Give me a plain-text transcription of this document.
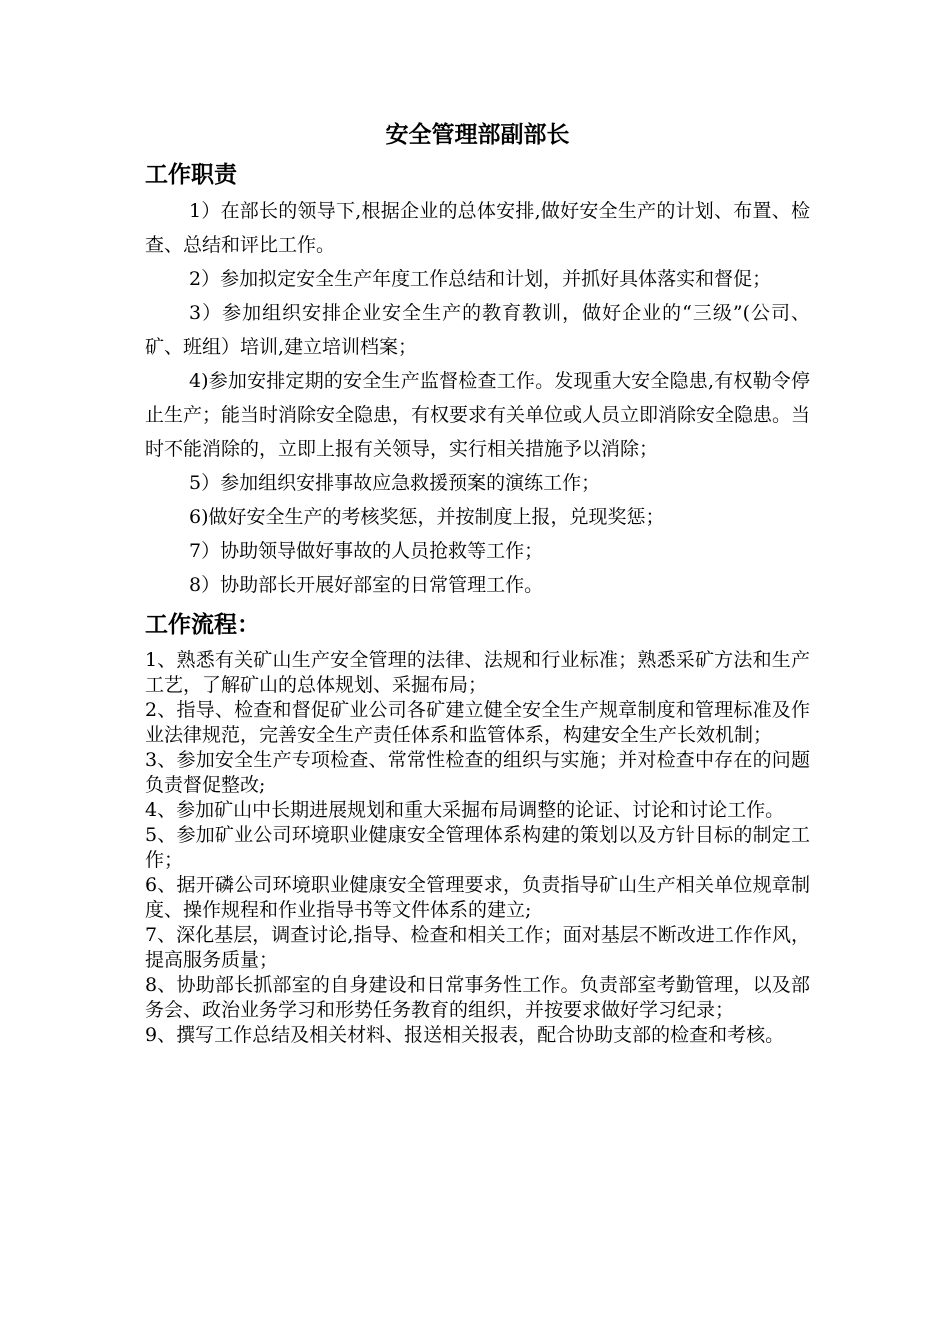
安全管理部副部长
工作职责

1）在部长的领导下,根据企业的总体安排,做好安全生产的计划、布置、检查、总结和评比工作。

2）参加拟定安全生产年度工作总结和计划，并抓好具体落实和督促；

3）参加组织安排企业安全生产的教育教训，做好企业的“三级”(公司、矿、班组）培训,建立培训档案；

4)参加安排定期的安全生产监督检查工作。发现重大安全隐患,有权勒令停止生产；能当时消除安全隐患，有权要求有关单位或人员立即消除安全隐患。当时不能消除的，立即上报有关领导，实行相关措施予以消除；

5）参加组织安排事故应急救援预案的演练工作；

6)做好安全生产的考核奖惩，并按制度上报，兑现奖惩；

7）协助领导做好事故的人员抢救等工作；

8）协助部长开展好部室的日常管理工作。

工作流程：

1、熟悉有关矿山生产安全管理的法律、法规和行业标准；熟悉采矿方法和生产工艺，了解矿山的总体规划、采掘布局；

2、指导、检查和督促矿业公司各矿建立健全安全生产规章制度和管理标准及作业法律规范，完善安全生产责任体系和监管体系，构建安全生产长效机制；

3、参加安全生产专项检查、常常性检查的组织与实施；并对检查中存在的问题负责督促整改;

4、参加矿山中长期进展规划和重大采掘布局调整的论证、讨论和讨论工作。

5、参加矿业公司环境职业健康安全管理体系构建的策划以及方针目标的制定工作；

6、据开磷公司环境职业健康安全管理要求，负责指导矿山生产相关单位规章制度、操作规程和作业指导书等文件体系的建立;

7、深化基层，调查讨论,指导、检查和相关工作；面对基层不断改进工作作风，提高服务质量；

8、协助部长抓部室的自身建设和日常事务性工作。负责部室考勤管理，以及部务会、政治业务学习和形势任务教育的组织，并按要求做好学习纪录；

9、撰写工作总结及相关材料、报送相关报表，配合协助支部的检查和考核。
